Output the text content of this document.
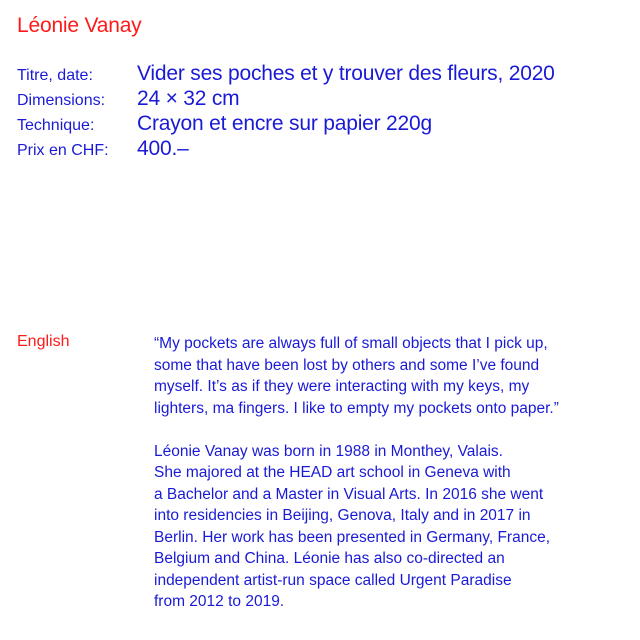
Léonie Vanay
Titre, date:	Vider ses poches et y trouver des fleurs, 2020
Dimensions:	24 × 32 cm
Technique:	Crayon et encre sur papier 220g
Prix en CHF:	400.–
English	“My pockets are always full of small objects that I pick up,
some that have been lost by others and some I’ve found
myself. It’s as if they were interacting with my keys, my
lighters, ma fingers. I like to empty my pockets onto paper.”

Léonie Vanay was born in 1988 in Monthey, Valais.
She majored at the HEAD art school in Geneva with
a Bachelor and a Master in Visual Arts. In 2016 she went
into residencies in Beijing, Genova, Italy and in 2017 in
Berlin. Her work has been presented in Germany, France,
Belgium and China. Léonie has also co-directed an
independent artist-run space called Urgent Paradise
from 2012 to 2019.
